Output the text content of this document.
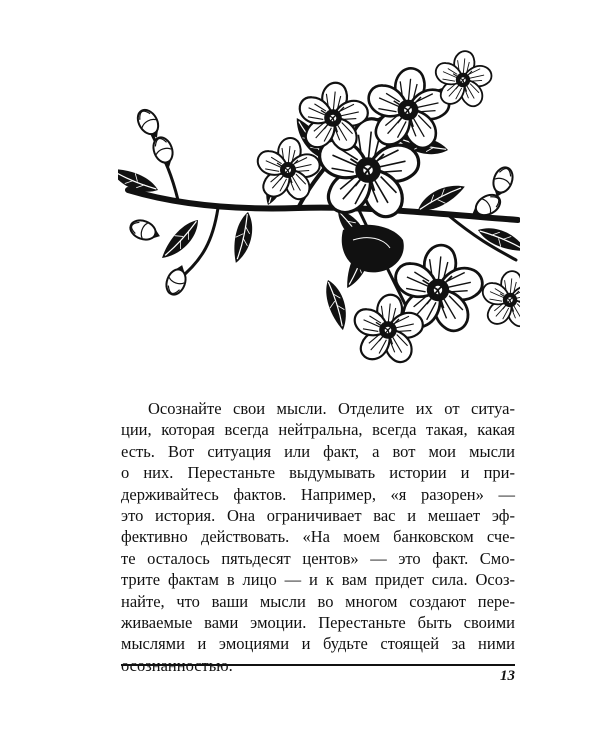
Осознайте свои мысли. Отделите их от ситуа-
ции, которая всегда нейтральна, всегда такая, какая
есть. Вот ситуация или факт, а вот мои мысли
о них. Перестаньте выдумывать истории и при-
держивайтесь фактов. Например, «я разорен» —
это история. Она ограничивает вас и мешает эф-
фективно действовать. «На моем банковском сче-
те осталось пятьдесят центов» — это факт. Смо-
трите фактам в лицо — и к вам придет сила. Осоз-
найте, что ваши мысли во многом создают пере-
живаемые вами эмоции. Перестаньте быть своими
мыслями и эмоциями и будьте стоящей за ними
осознанностью.

13
